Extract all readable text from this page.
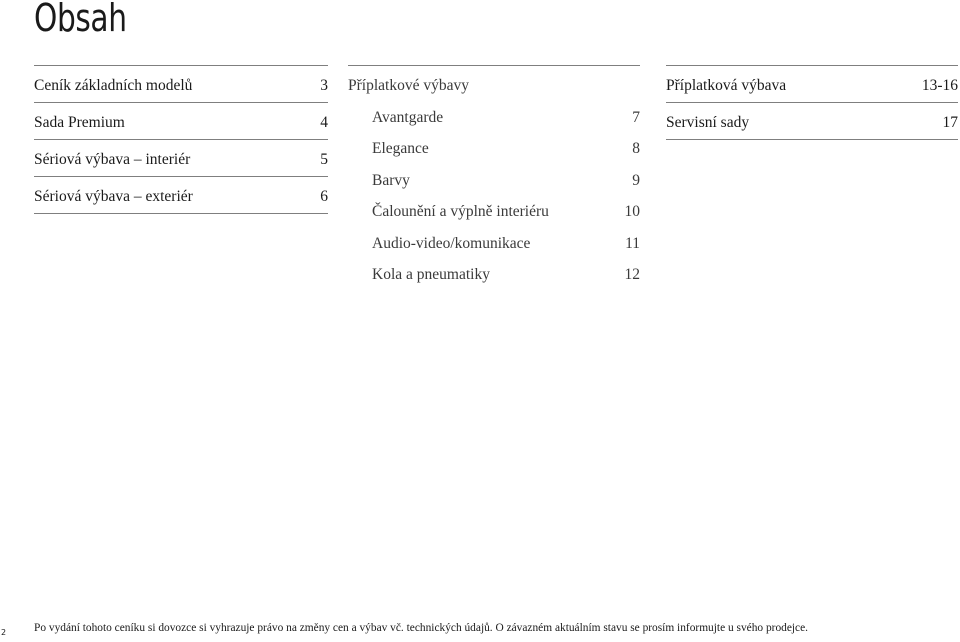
Obsah
Ceník základních modelů	3
Sada Premium	4
Sériová výbava – interiér	5
Sériová výbava – exteriér	6
Příplatkové výbavy
Avantgarde	7
Elegance	8
Barvy	9
Čalounění a výplně interiéru	10
Audio-video/komunikace	11
Kola a pneumatiky	12
Příplatková výbava	13-16
Servisní sady	17
Po vydání tohoto ceníku si dovozce si vyhrazuje právo na změny cen a výbav vč. technických údajů. O závazném aktuálním stavu se prosím informujte u svého prodejce.
2
